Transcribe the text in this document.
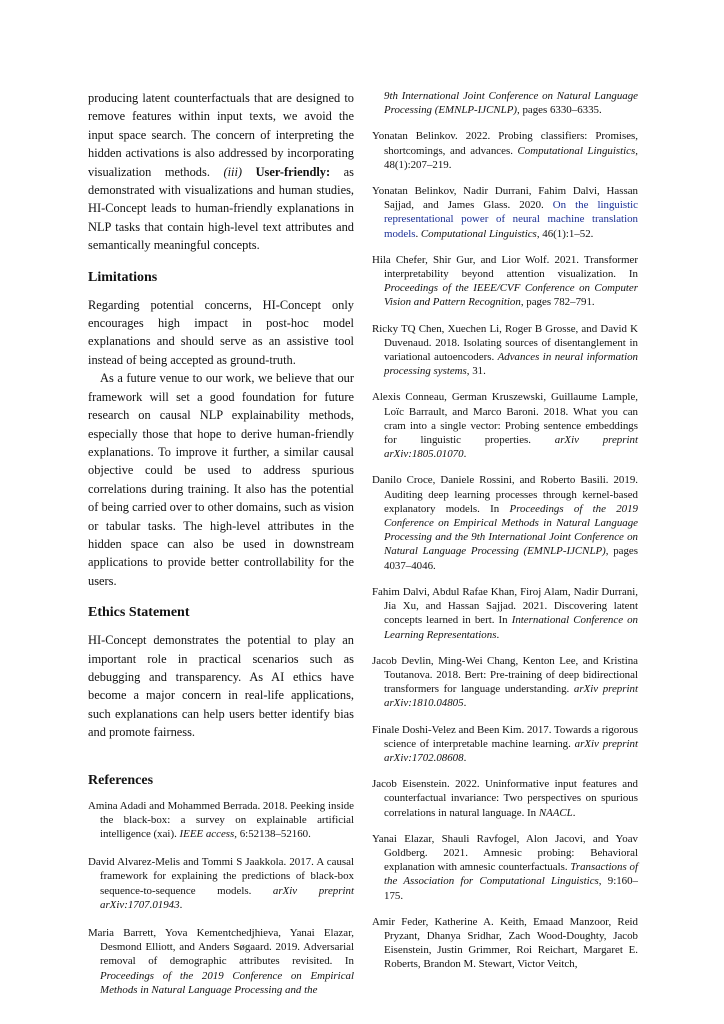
producing latent counterfactuals that are designed to remove features within input texts, we avoid the input space search. The concern of interpreting the hidden activations is also addressed by incorporating visualization methods. (iii) User-friendly: as demonstrated with visualizations and human studies, HI-Concept leads to human-friendly explanations in NLP tasks that contain high-level text attributes and semantically meaningful concepts.

Limitations

Regarding potential concerns, HI-Concept only encourages high impact in post-hoc model explanations and should serve as an assistive tool instead of being accepted as ground-truth.

As a future venue to our work, we believe that our framework will set a good foundation for future research on causal NLP explainability methods, especially those that hope to derive human-friendly explanations. To improve it further, a similar causal objective could be used to address spurious correlations during training. It also has the potential of being carried over to other domains, such as vision or tabular tasks. The high-level attributes in the hidden space can also be used in downstream applications to provide better controllability for the users.

Ethics Statement

HI-Concept demonstrates the potential to play an important role in practical scenarios such as debugging and transparency. As AI ethics have become a major concern in real-life applications, such explanations can help users better identify bias and promote fairness.

References

Amina Adadi and Mohammed Berrada. 2018. Peeking inside the black-box: a survey on explainable artificial intelligence (xai). IEEE access, 6:52138–52160.

David Alvarez-Melis and Tommi S Jaakkola. 2017. A causal framework for explaining the predictions of black-box sequence-to-sequence models. arXiv preprint arXiv:1707.01943.

Maria Barrett, Yova Kementchedjhieva, Yanai Elazar, Desmond Elliott, and Anders Søgaard. 2019. Adversarial removal of demographic attributes revisited. In Proceedings of the 2019 Conference on Empirical Methods in Natural Language Processing and the

9th International Joint Conference on Natural Language Processing (EMNLP-IJCNLP), pages 6330–6335.

Yonatan Belinkov. 2022. Probing classifiers: Promises, shortcomings, and advances. Computational Linguistics, 48(1):207–219.

Yonatan Belinkov, Nadir Durrani, Fahim Dalvi, Hassan Sajjad, and James Glass. 2020. On the linguistic representational power of neural machine translation models. Computational Linguistics, 46(1):1–52.

Hila Chefer, Shir Gur, and Lior Wolf. 2021. Transformer interpretability beyond attention visualization. In Proceedings of the IEEE/CVF Conference on Computer Vision and Pattern Recognition, pages 782–791.

Ricky TQ Chen, Xuechen Li, Roger B Grosse, and David K Duvenaud. 2018. Isolating sources of disentanglement in variational autoencoders. Advances in neural information processing systems, 31.

Alexis Conneau, German Kruszewski, Guillaume Lample, Loïc Barrault, and Marco Baroni. 2018. What you can cram into a single vector: Probing sentence embeddings for linguistic properties. arXiv preprint arXiv:1805.01070.

Danilo Croce, Daniele Rossini, and Roberto Basili. 2019. Auditing deep learning processes through kernel-based explanatory models. In Proceedings of the 2019 Conference on Empirical Methods in Natural Language Processing and the 9th International Joint Conference on Natural Language Processing (EMNLP-IJCNLP), pages 4037–4046.

Fahim Dalvi, Abdul Rafae Khan, Firoj Alam, Nadir Durrani, Jia Xu, and Hassan Sajjad. 2021. Discovering latent concepts learned in bert. In International Conference on Learning Representations.

Jacob Devlin, Ming-Wei Chang, Kenton Lee, and Kristina Toutanova. 2018. Bert: Pre-training of deep bidirectional transformers for language understanding. arXiv preprint arXiv:1810.04805.

Finale Doshi-Velez and Been Kim. 2017. Towards a rigorous science of interpretable machine learning. arXiv preprint arXiv:1702.08608.

Jacob Eisenstein. 2022. Uninformative input features and counterfactual invariance: Two perspectives on spurious correlations in natural language. In NAACL.

Yanai Elazar, Shauli Ravfogel, Alon Jacovi, and Yoav Goldberg. 2021. Amnesic probing: Behavioral explanation with amnesic counterfactuals. Transactions of the Association for Computational Linguistics, 9:160–175.

Amir Feder, Katherine A. Keith, Emaad Manzoor, Reid Pryzant, Dhanya Sridhar, Zach Wood-Doughty, Jacob Eisenstein, Justin Grimmer, Roi Reichart, Margaret E. Roberts, Brandon M. Stewart, Victor Veitch,
